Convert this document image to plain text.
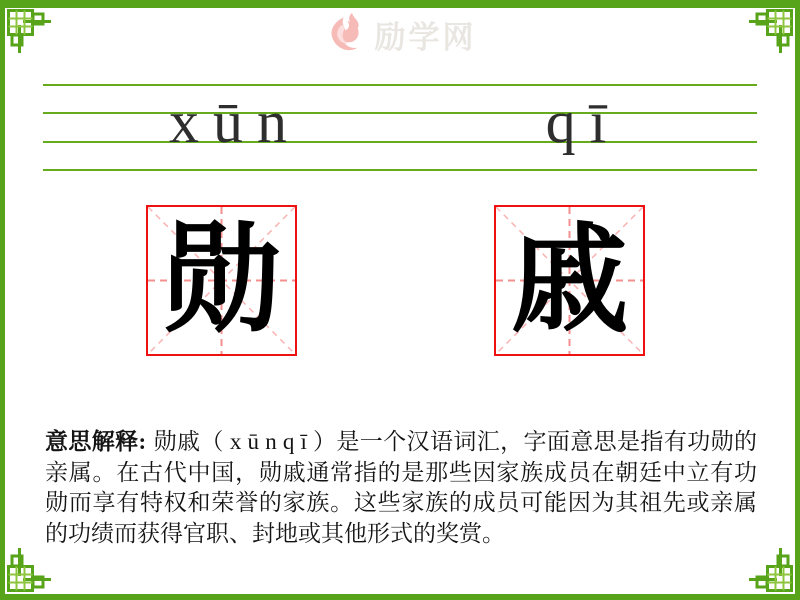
励学网
xūn	qī
勋 戚

意思解释: 勋戚（ x ū n q ī ）是一个汉语词汇，字面意思是指有功勋的亲属。在古代中国，勋戚通常指的是那些因家族成员在朝廷中立有功勋而享有特权和荣誉的家族。这些家族的成员可能因为其祖先或亲属的功绩而获得官职、封地或其他形式的奖赏。
